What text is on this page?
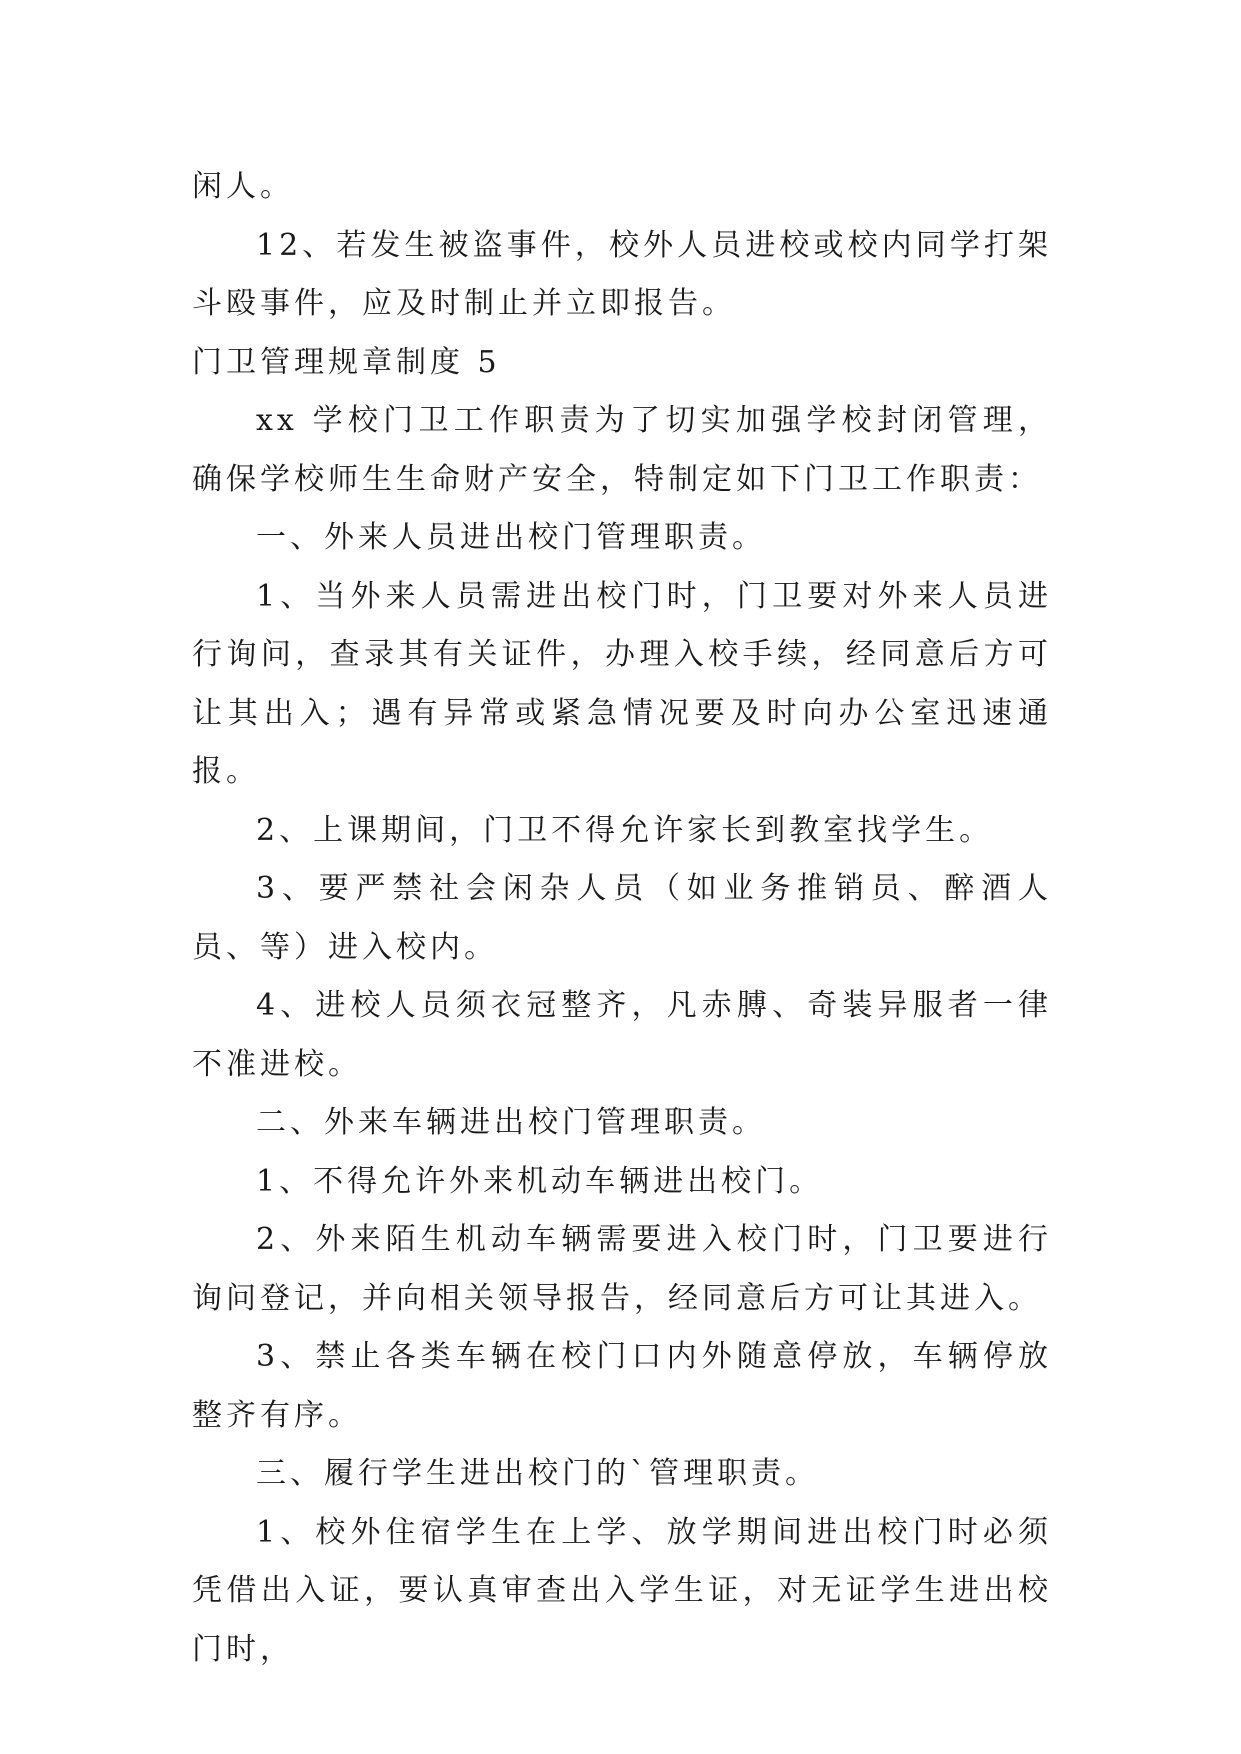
闲人。

12、若发生被盗事件，校外人员进校或校内同学打架斗殴事件，应及时制止并立即报告。

门卫管理规章制度 5

xx 学校门卫工作职责为了切实加强学校封闭管理，确保学校师生生命财产安全，特制定如下门卫工作职责：

一、外来人员进出校门管理职责。

1、当外来人员需进出校门时，门卫要对外来人员进行询问，查录其有关证件，办理入校手续，经同意后方可让其出入；遇有异常或紧急情况要及时向办公室迅速通报。

2、上课期间，门卫不得允许家长到教室找学生。

3、要严禁社会闲杂人员（如业务推销员、醉酒人员、等）进入校内。

4、进校人员须衣冠整齐，凡赤膊、奇装异服者一律不准进校。

二、外来车辆进出校门管理职责。

1、不得允许外来机动车辆进出校门。

2、外来陌生机动车辆需要进入校门时，门卫要进行询问登记，并向相关领导报告，经同意后方可让其进入。

3、禁止各类车辆在校门口内外随意停放，车辆停放整齐有序。

三、履行学生进出校门的`管理职责。

1、校外住宿学生在上学、放学期间进出校门时必须凭借出入证，要认真审查出入学生证，对无证学生进出校门时，
